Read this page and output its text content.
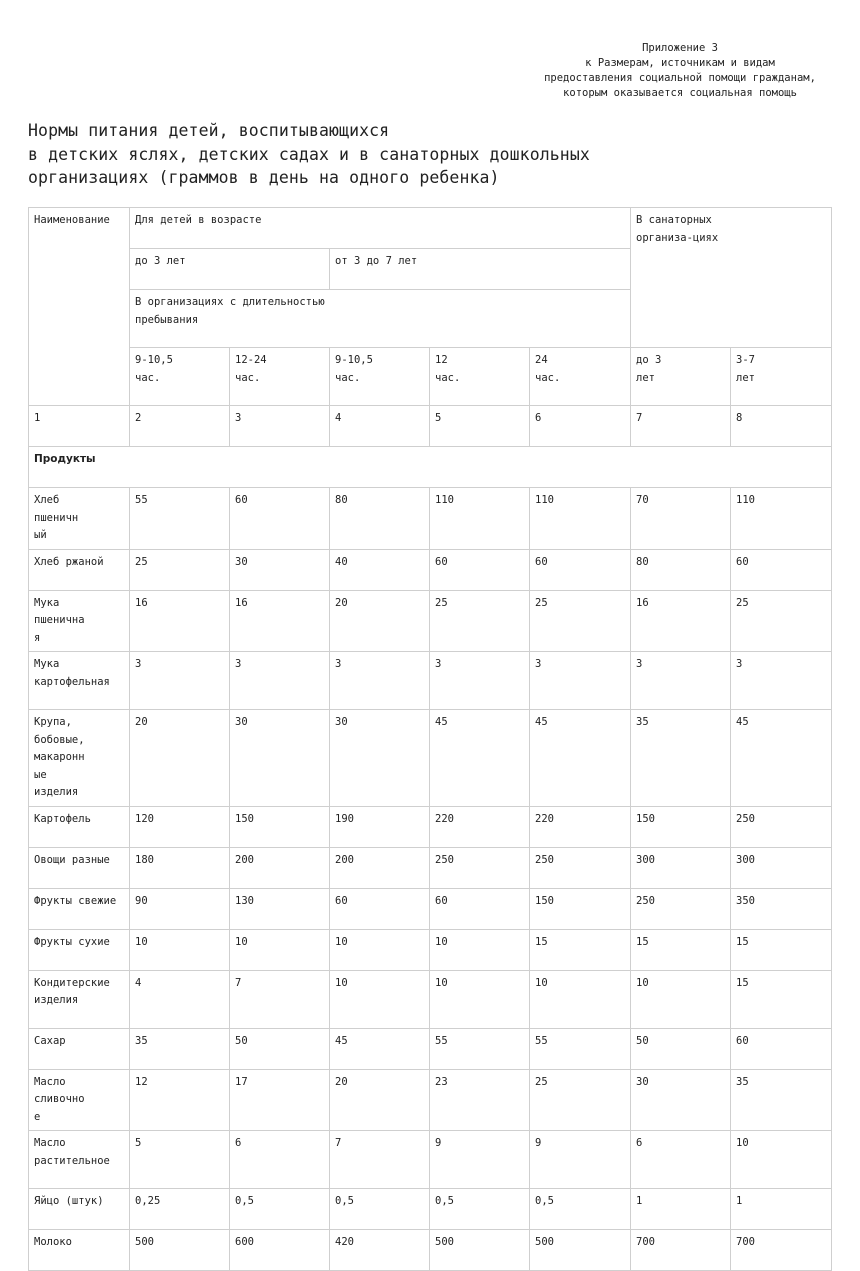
Приложение 3
к Размерам, источникам и видам
предоставления социальной помощи гражданам,
которым оказывается социальная помощь
Нормы питания детей, воспитывающихся
в детских яслях, детских садах и в санаторных дошкольных
организациях (граммов в день на одного ребенка)
Наименование	Для детей в возрасте					В санаторных организа-циях	
	до 3 лет		от 3 до 7 лет				
	В организациях с длительностью пребывания						
	9-10,5 час.	12-24 час.	9-10,5 час.	12 час.	24 час.	до 3 лет	3-7 лет
1	2	3	4	5	6	7	8
Продукты							
Хлеб пшеничный	55	60	80	110	110	70	110
Хлеб ржаной	25	30	40	60	60	80	60
Мука пшеничная	16	16	20	25	25	16	25
Мука картофельная	3	3	3	3	3	3	3
Крупа, бобовые, макаронные изделия	20	30	30	45	45	35	45
Картофель	120	150	190	220	220	150	250
Овощи разные	180	200	200	250	250	300	300
Фрукты свежие	90	130	60	60	150	250	350
Фрукты сухие	10	10	10	10	15	15	15
Кондитерские изделия	4	7	10	10	10	10	15
Сахар	35	50	45	55	55	50	60
Масло сливочное	12	17	20	23	25	30	35
Масло растительное	5	6	7	9	9	6	10
Яйцо (штук)	0,25	0,5	0,5	0,5	0,5	1	1
Молоко	500	600	420	500	500	700	700
